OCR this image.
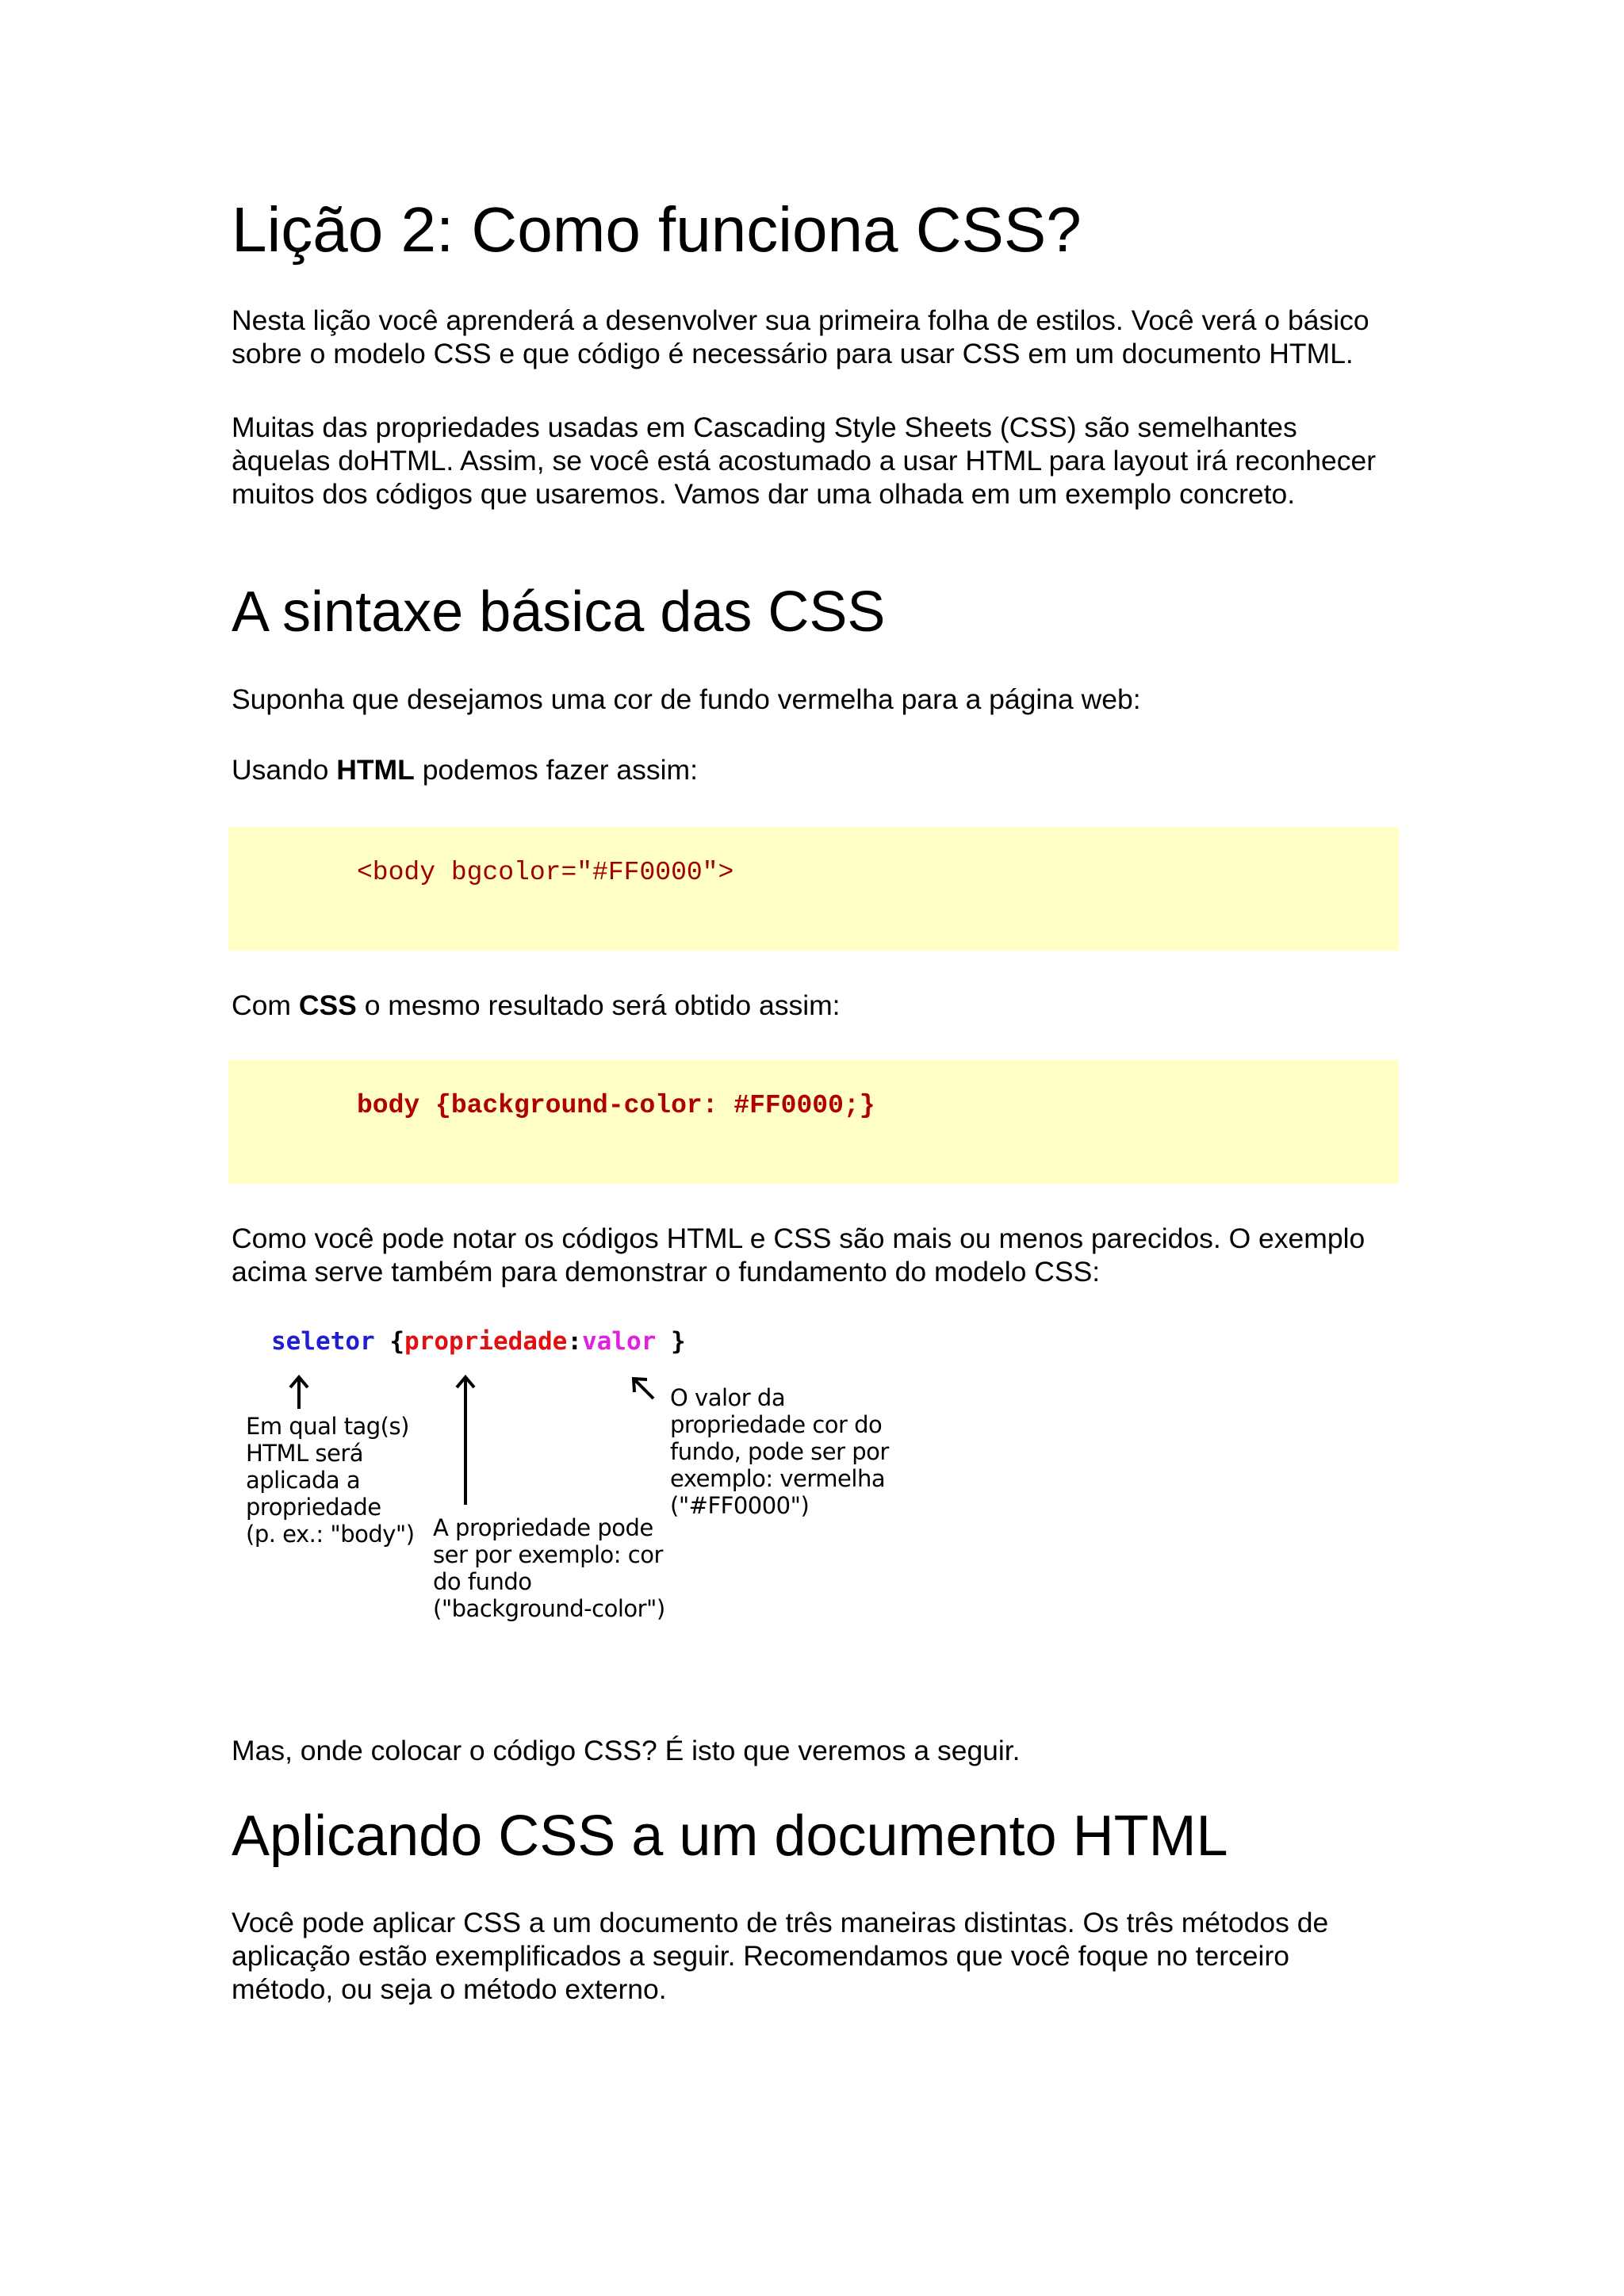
Lição 2: Como funciona CSS?

Nesta lição você aprenderá a desenvolver sua primeira folha de estilos. Você verá o básico sobre o modelo CSS e que código é necessário para usar CSS em um documento HTML.

Muitas das propriedades usadas em Cascading Style Sheets (CSS) são semelhantes àquelas doHTML. Assim, se você está acostumado a usar HTML para layout irá reconhecer muitos dos códigos que usaremos. Vamos dar uma olhada em um exemplo concreto.

A sintaxe básica das CSS

Suponha que desejamos uma cor de fundo vermelha para a página web:

Usando HTML podemos fazer assim:

<body bgcolor="#FF0000">

Com CSS o mesmo resultado será obtido assim:

body {background-color: #FF0000;}

Como você pode notar os códigos HTML e CSS são mais ou menos parecidos. O exemplo acima serve também para demonstrar o fundamento do modelo CSS:

seletor {propriedade:valor }
Em qual tag(s)
HTML será
aplicada a
propriedade
(p. ex.: "body") A propriedade pode
ser por exemplo: cor
do fundo
("background-color")
O valor da
propriedade cor do
fundo, pode ser por
exemplo: vermelha
("#FF0000")

Mas, onde colocar o código CSS? É isto que veremos a seguir.

Aplicando CSS a um documento HTML

Você pode aplicar CSS a um documento de três maneiras distintas. Os três métodos de aplicação estão exemplificados a seguir. Recomendamos que você foque no terceiro método, ou seja o método externo.
